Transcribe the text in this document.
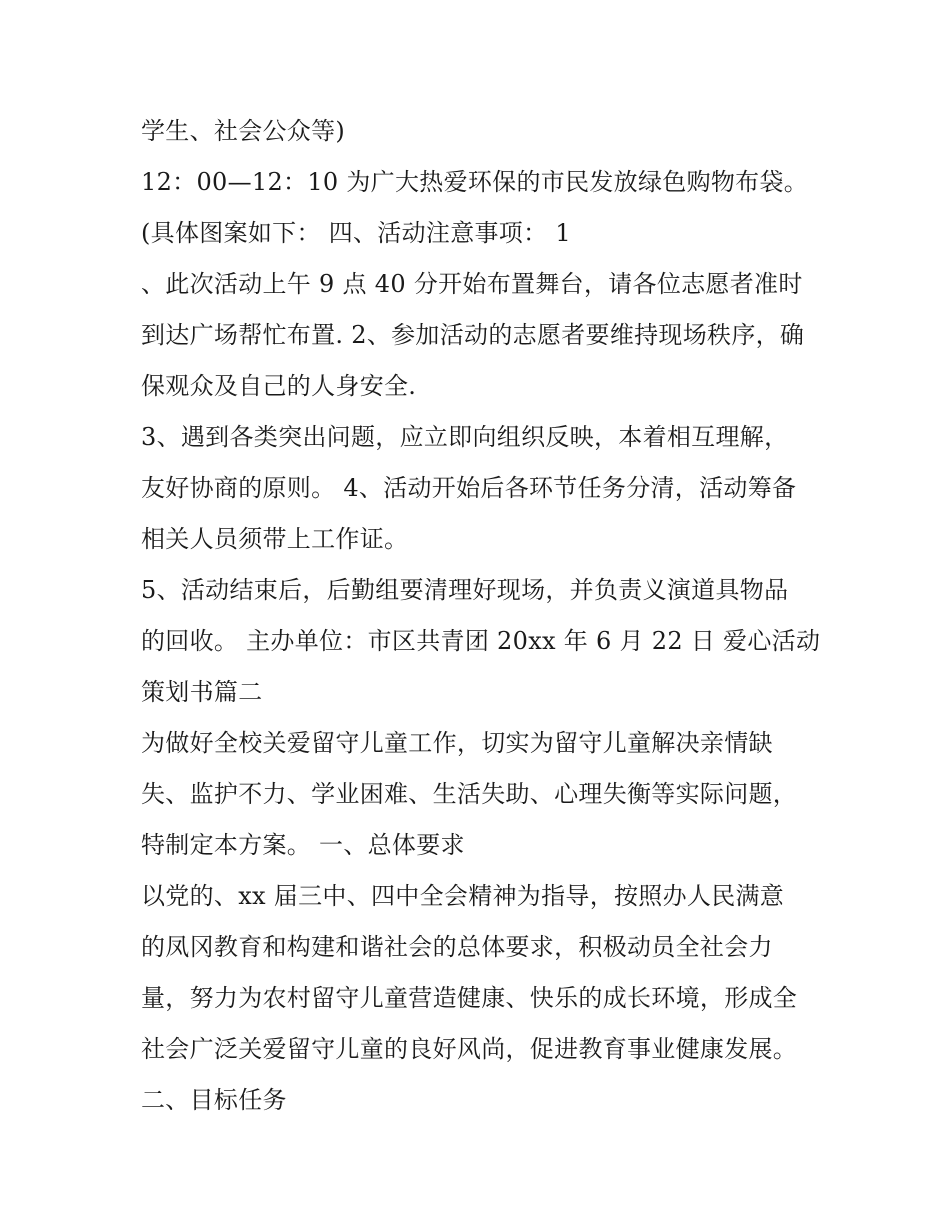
学生、社会公众等)
12：00—12：10 为广大热爱环保的市民发放绿色购物布袋。
(具体图案如下： 四、活动注意事项： 1
、此次活动上午 9 点 40 分开始布置舞台，请各位志愿者准时
到达广场帮忙布置. 2、参加活动的志愿者要维持现场秩序，确
保观众及自己的人身安全.
3、遇到各类突出问题，应立即向组织反映，本着相互理解，
友好协商的原则。 4、活动开始后各环节任务分清，活动筹备
相关人员须带上工作证。
5、活动结束后，后勤组要清理好现场，并负责义演道具物品
的回收。 主办单位：市区共青团 20xx 年 6 月 22 日 爱心活动
策划书篇二
为做好全校关爱留守儿童工作，切实为留守儿童解决亲情缺
失、监护不力、学业困难、生活失助、心理失衡等实际问题，
特制定本方案。 一、总体要求
以党的、xx 届三中、四中全会精神为指导，按照办人民满意
的凤冈教育和构建和谐社会的总体要求，积极动员全社会力
量，努力为农村留守儿童营造健康、快乐的成长环境，形成全
社会广泛关爱留守儿童的良好风尚，促进教育事业健康发展。
二、目标任务
